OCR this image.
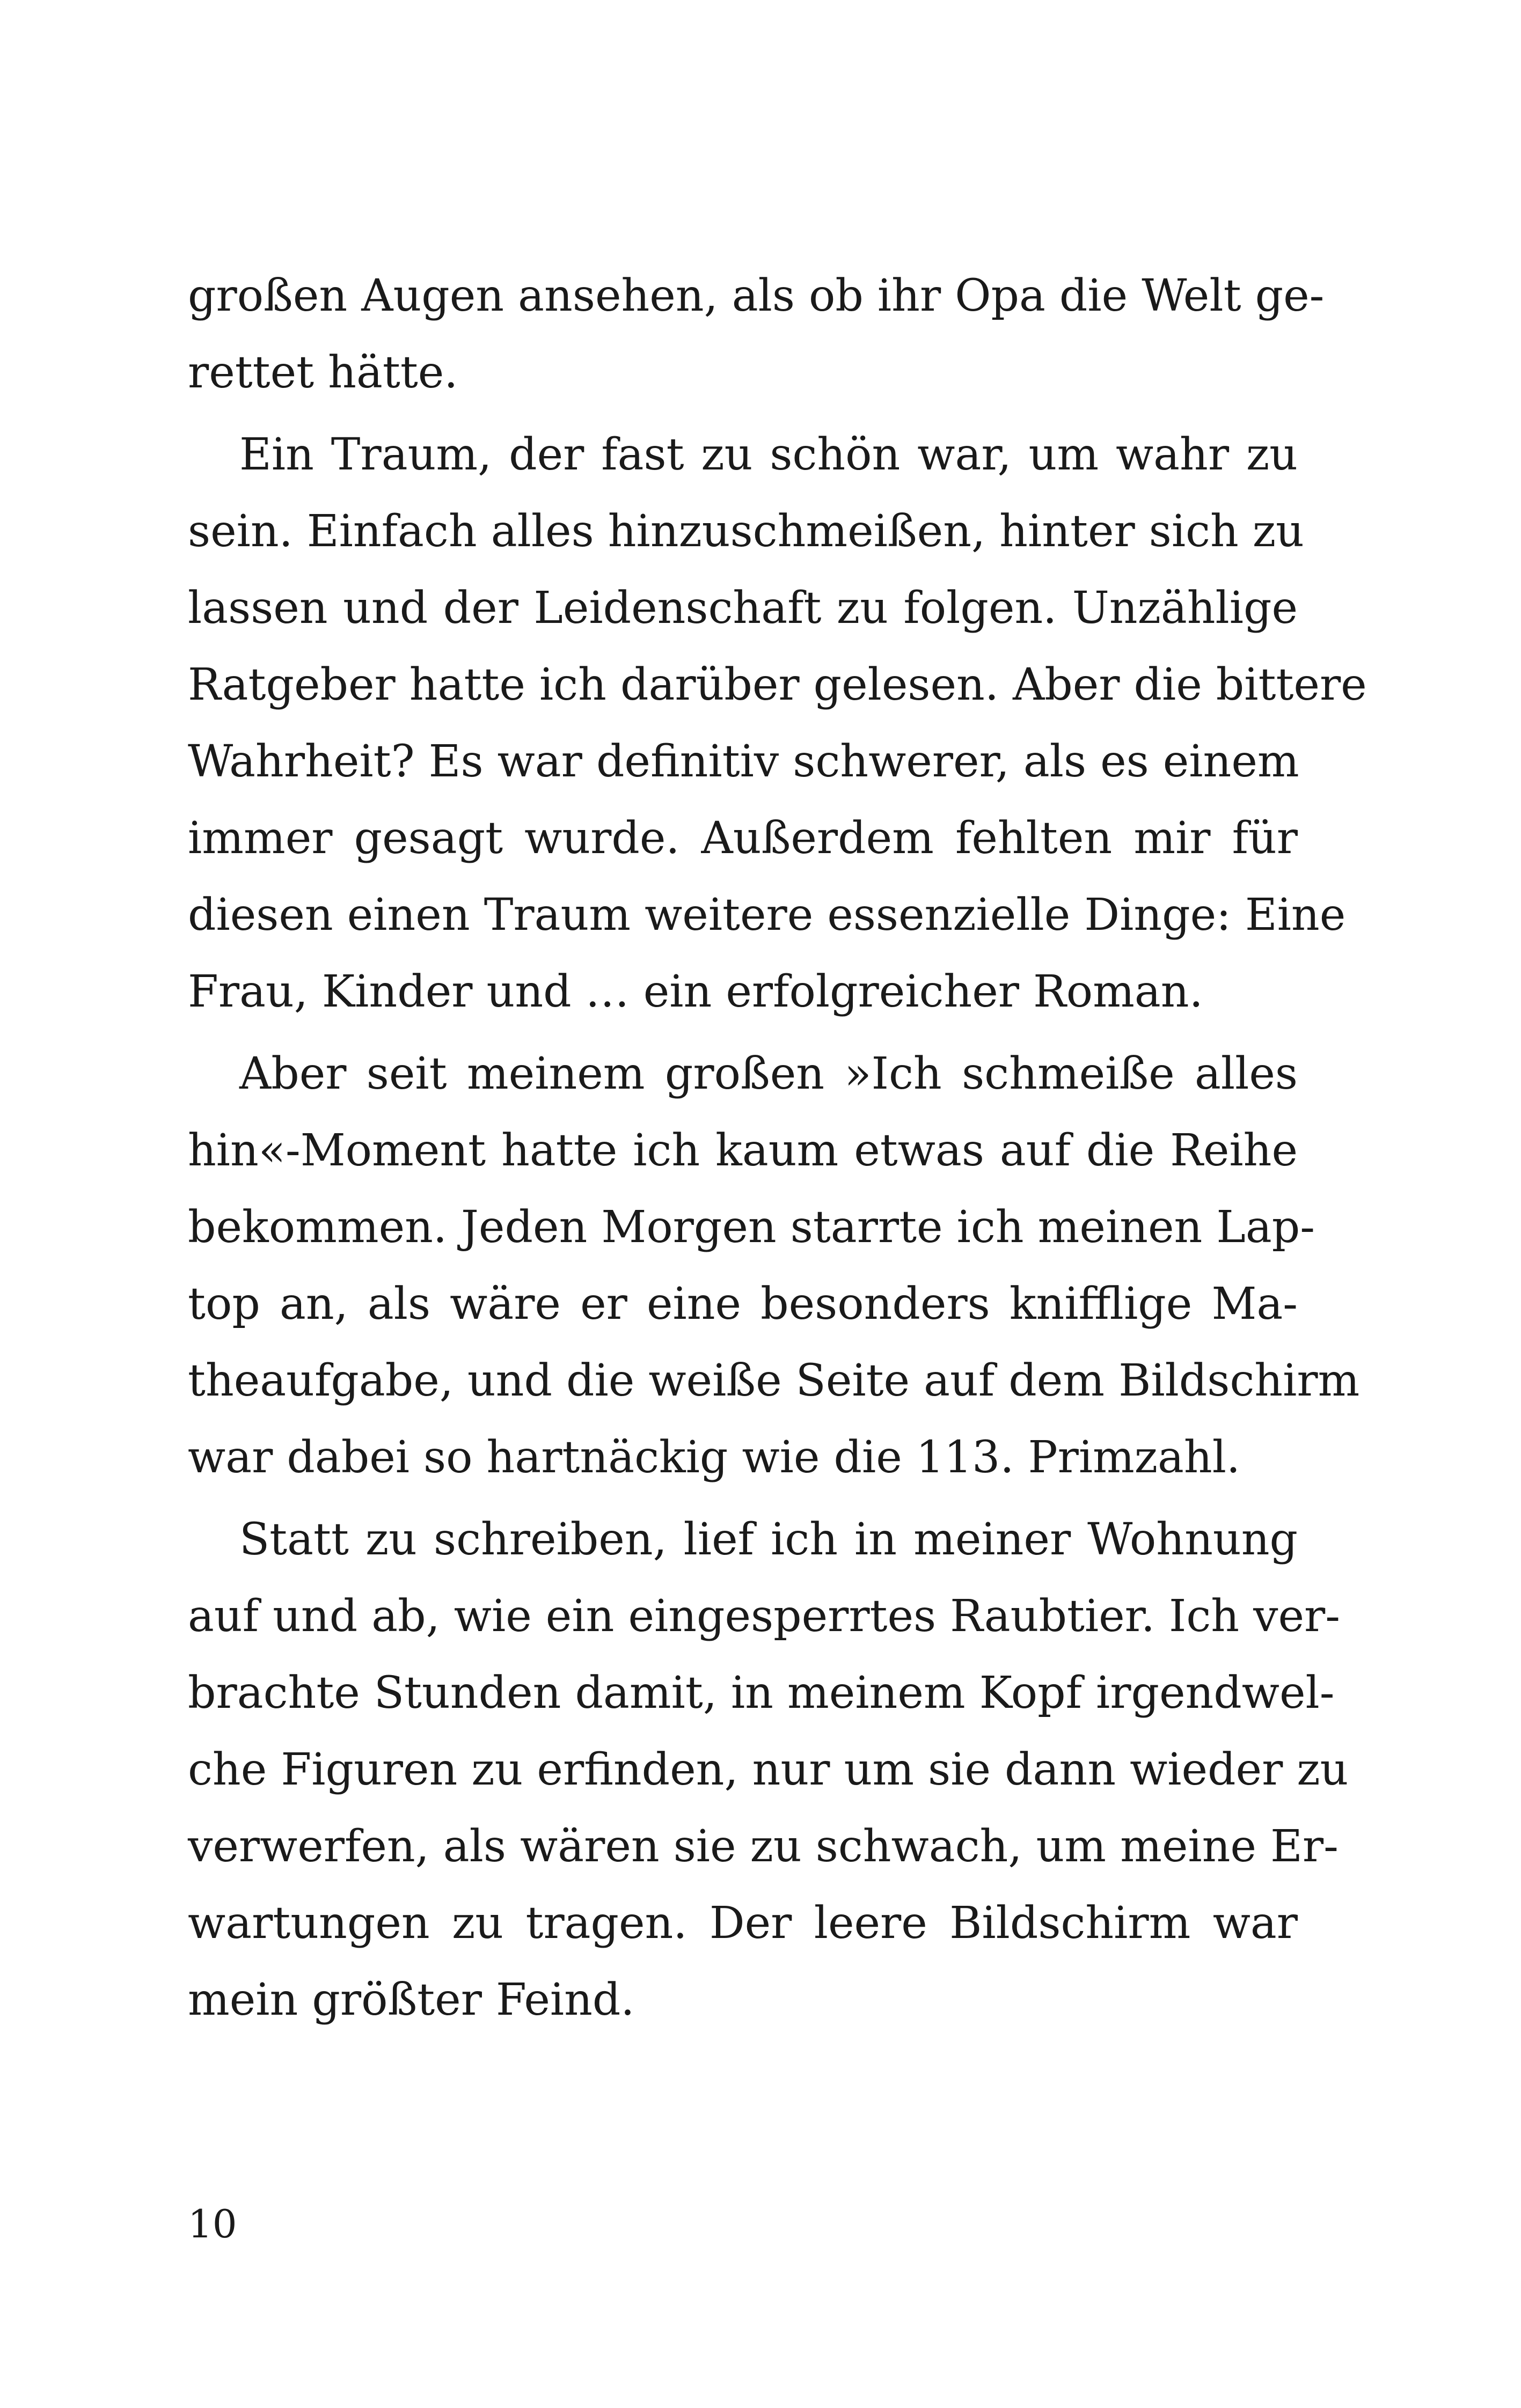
großen Augen ansehen, als ob ihr Opa die Welt ge-
rettet hätte.
Ein Traum, der fast zu schön war, um wahr zu
sein. Einfach alles hinzuschmeißen, hinter sich zu
lassen und der Leidenschaft zu folgen. Unzählige
Ratgeber hatte ich darüber gelesen. Aber die bittere
Wahrheit? Es war definitiv schwerer, als es einem
immer gesagt wurde. Außerdem fehlten mir für
diesen einen Traum weitere essenzielle Dinge: Eine
Frau, Kinder und … ein erfolgreicher Roman.
Aber seit meinem großen »Ich schmeiße alles
hin«-Moment hatte ich kaum etwas auf die Reihe
bekommen. Jeden Morgen starrte ich meinen Lap-
top an, als wäre er eine besonders knifflige Ma-
theaufgabe, und die weiße Seite auf dem Bildschirm
war dabei so hartnäckig wie die 113. Primzahl.
Statt zu schreiben, lief ich in meiner Wohnung
auf und ab, wie ein eingesperrtes Raubtier. Ich ver-
brachte Stunden damit, in meinem Kopf irgendwel-
che Figuren zu erfinden, nur um sie dann wieder zu
verwerfen, als wären sie zu schwach, um meine Er-
wartungen zu tragen. Der leere Bildschirm war
mein größter Feind.
10
